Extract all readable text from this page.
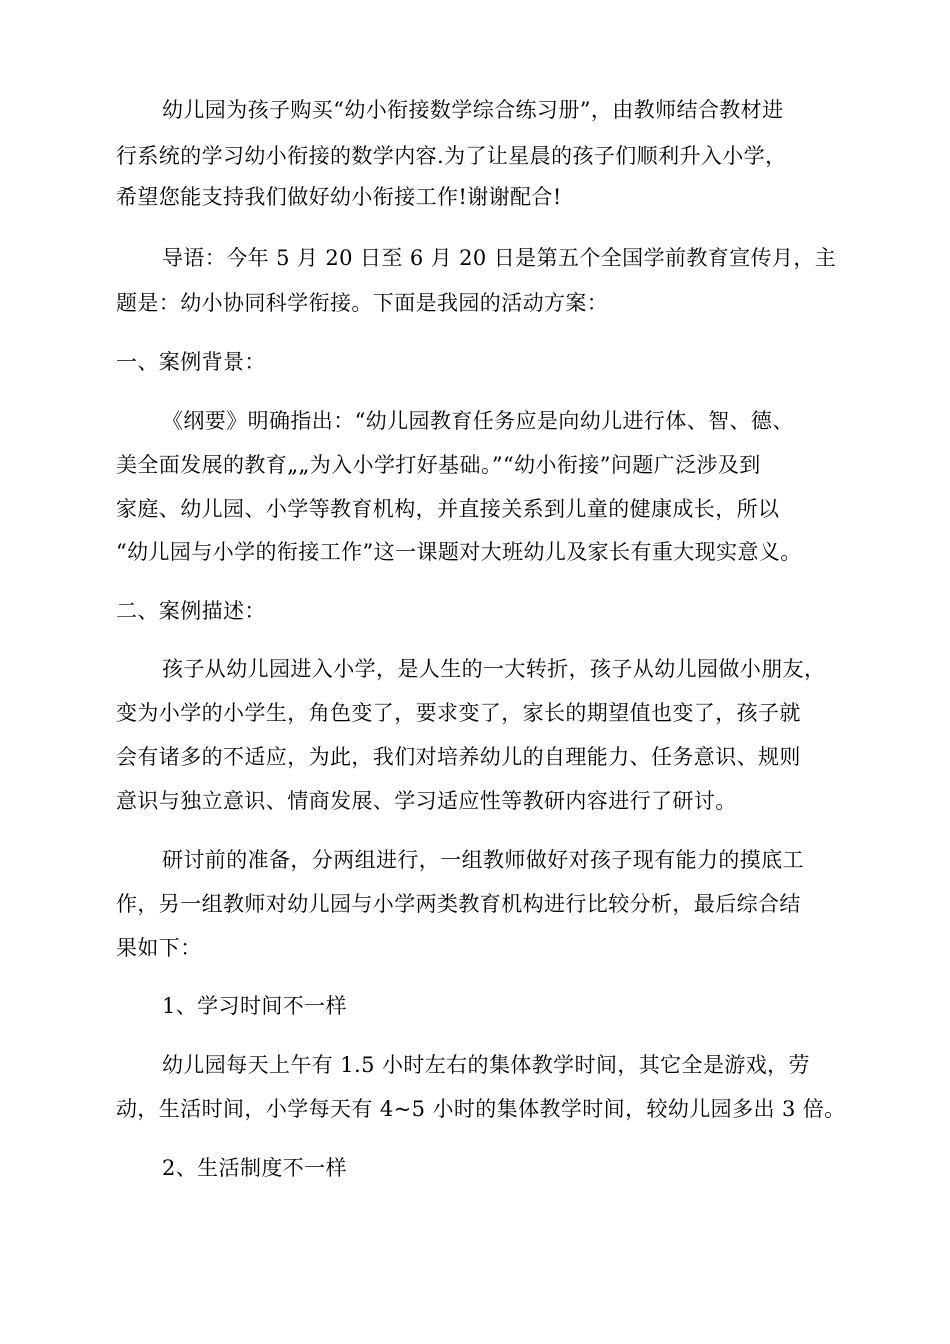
幼儿园为孩子购买“幼小衔接数学综合练习册”，由教师结合教材进
行系统的学习幼小衔接的数学内容.为了让星晨的孩子们顺利升入小学，
希望您能支持我们做好幼小衔接工作!谢谢配合!
导语：今年 5 月 20 日至 6 月 20 日是第五个全国学前教育宣传月，主
题是：幼小协同科学衔接。下面是我园的活动方案：
一、案例背景：
《纲要》明确指出：“幼儿园教育任务应是向幼儿进行体、智、德、
美全面发展的教育„„为入小学打好基础。”“幼小衔接”问题广泛涉及到
家庭、幼儿园、小学等教育机构，并直接关系到儿童的健康成长，所以
“幼儿园与小学的衔接工作”这一课题对大班幼儿及家长有重大现实意义。
二、案例描述：
孩子从幼儿园进入小学，是人生的一大转折，孩子从幼儿园做小朋友，
变为小学的小学生，角色变了，要求变了，家长的期望值也变了，孩子就
会有诸多的不适应，为此，我们对培养幼儿的自理能力、任务意识、规则
意识与独立意识、情商发展、学习适应性等教研内容进行了研讨。
研讨前的准备，分两组进行，一组教师做好对孩子现有能力的摸底工
作，另一组教师对幼儿园与小学两类教育机构进行比较分析，最后综合结
果如下：
1、学习时间不一样
幼儿园每天上午有 1.5 小时左右的集体教学时间，其它全是游戏，劳
动，生活时间，小学每天有 4~5 小时的集体教学时间，较幼儿园多出 3 倍。
2、生活制度不一样
